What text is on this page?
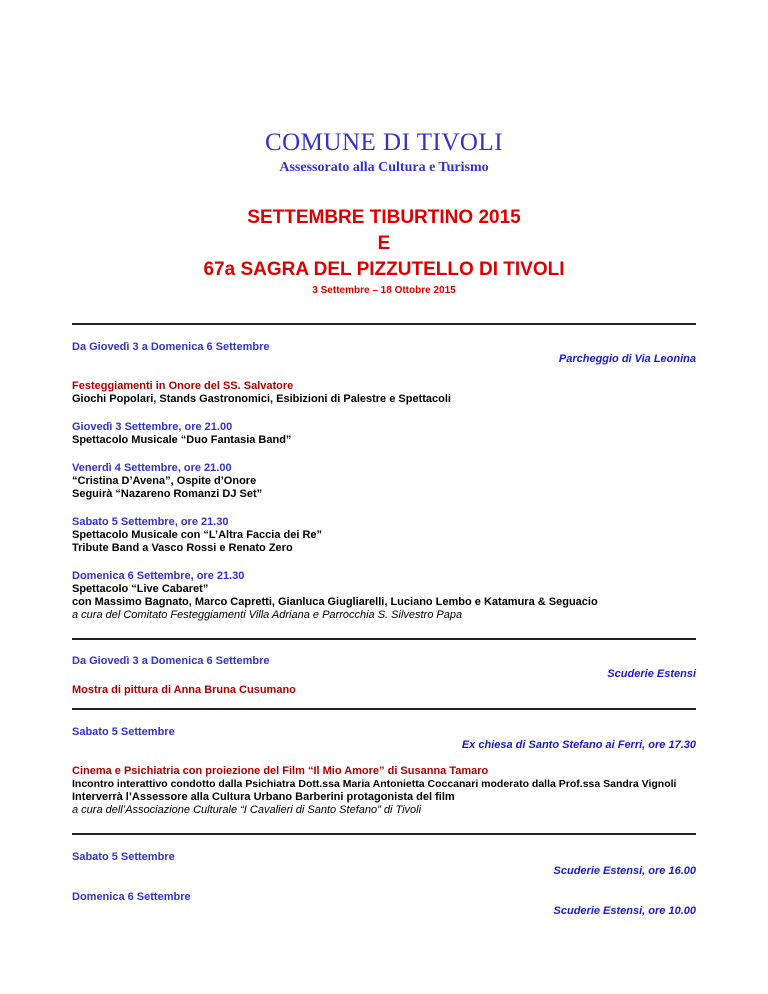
COMUNE DI TIVOLI
Assessorato alla Cultura e Turismo
SETTEMBRE TIBURTINO 2015
E
67a SAGRA DEL PIZZUTELLO DI TIVOLI
3 Settembre – 18 Ottobre 2015
Da Giovedì 3 a Domenica 6 Settembre
Parcheggio di Via Leonina
Festeggiamenti in Onore del SS. Salvatore
Giochi Popolari, Stands Gastronomici, Esibizioni di Palestre e Spettacoli
Giovedì 3 Settembre, ore 21.00
Spettacolo Musicale “Duo Fantasia Band”
Venerdì 4 Settembre, ore 21.00
“Cristina D’Avena”, Ospite d’Onore
Seguirà “Nazareno Romanzi DJ Set”
Sabato 5 Settembre, ore 21.30
Spettacolo Musicale con “L’Altra Faccia dei Re”
Tribute Band a Vasco Rossi e Renato Zero
Domenica 6 Settembre, ore 21.30
Spettacolo “Live Cabaret”
con Massimo Bagnato, Marco Capretti, Gianluca Giugliarelli, Luciano Lembo e Katamura & Seguacio
a cura del Comitato Festeggiamenti Villa Adriana e Parrocchia S. Silvestro Papa
Da Giovedì 3 a Domenica 6 Settembre
Scuderie Estensi
Mostra di pittura di Anna Bruna Cusumano
Sabato 5 Settembre
Ex chiesa di Santo Stefano ai Ferri, ore 17.30
Cinema e Psichiatria con proiezione del Film “Il Mio Amore” di Susanna Tamaro
Incontro interattivo condotto dalla Psichiatra Dott.ssa Maria Antonietta Coccanari moderato dalla Prof.ssa Sandra Vignoli
Interverrà l’Assessore alla Cultura Urbano Barberini protagonista del film
a cura dell’Associazione Culturale “I Cavalieri di Santo Stefano” di Tivoli
Sabato 5 Settembre
Scuderie Estensi, ore 16.00
Domenica 6 Settembre
Scuderie Estensi, ore 10.00
